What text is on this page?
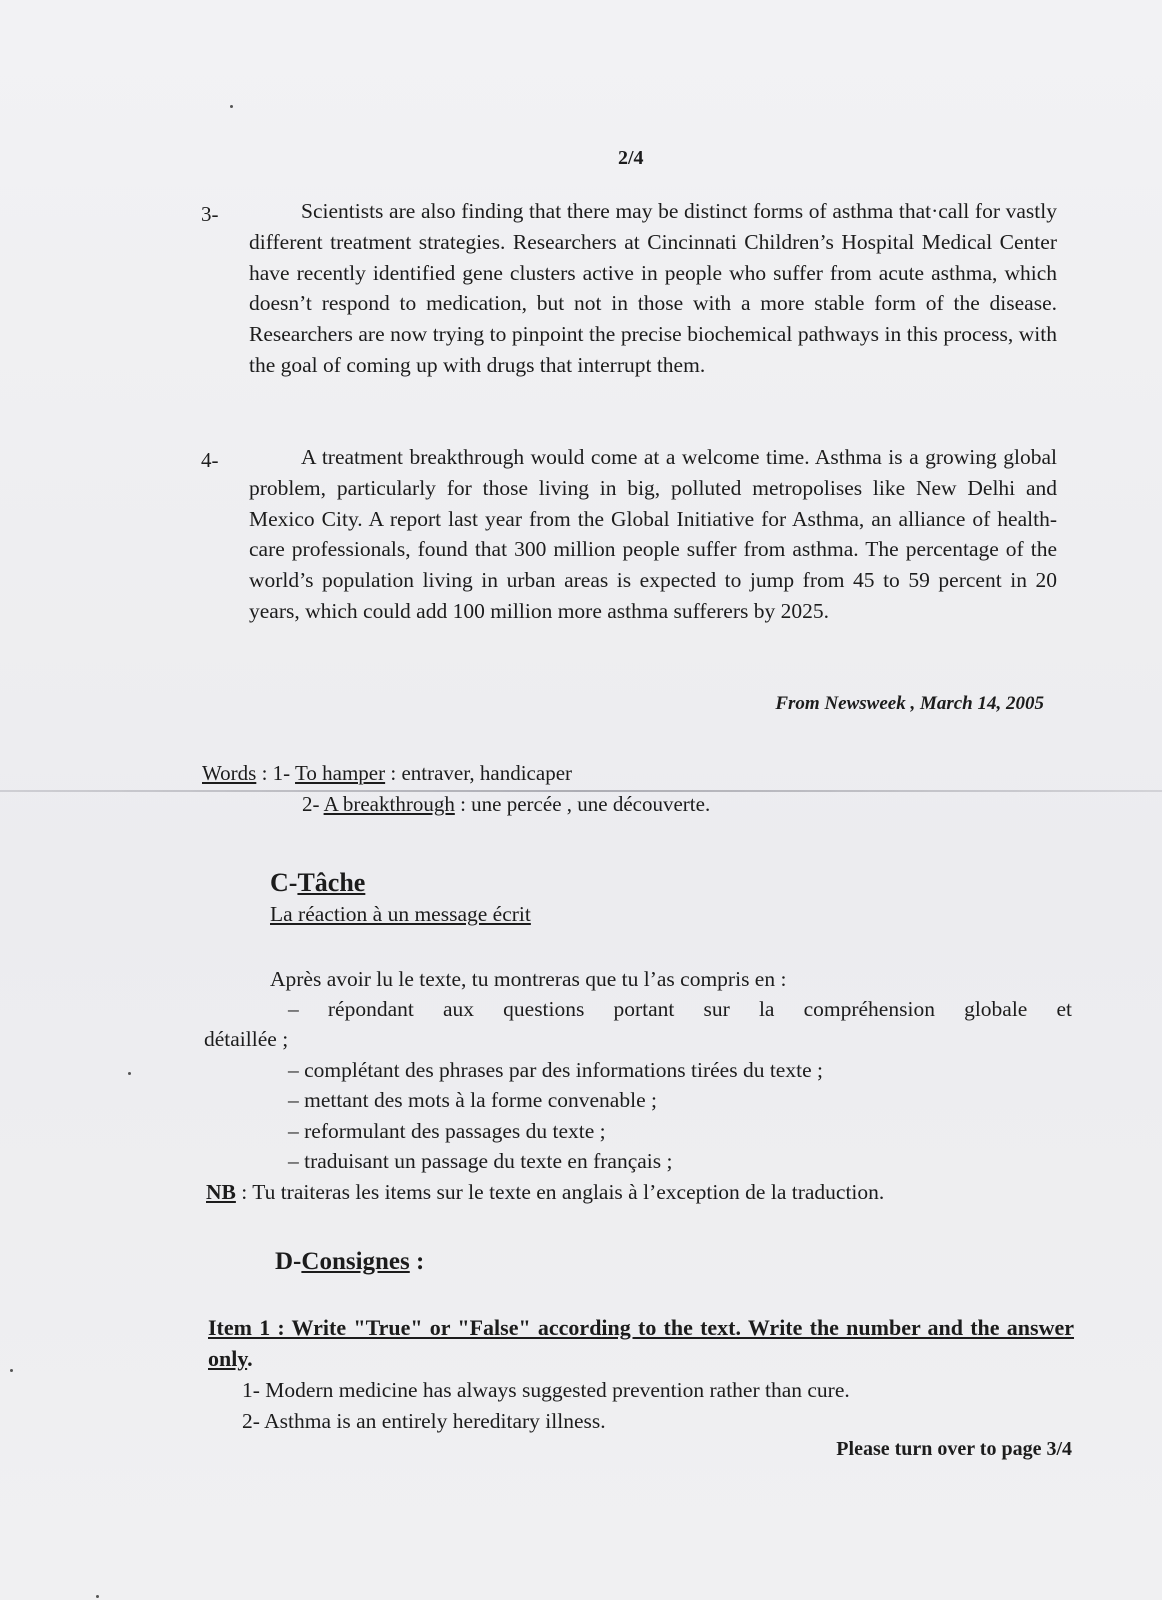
2/4
3-	Scientists are also finding that there may be distinct forms of asthma that·call for vastly different treatment strategies. Researchers at Cincinnati Children’s Hospital Medical Center have recently identified gene clusters active in people who suffer from acute asthma, which doesn’t respond to medication, but not in those with a more stable form of the disease. Researchers are now trying to pinpoint the precise biochemical pathways in this process, with the goal of coming up with drugs that interrupt them.

4-	A treatment breakthrough would come at a welcome time. Asthma is a growing global problem, particularly for those living in big, polluted metropolises like New Delhi and Mexico City. A report last year from the Global Initiative for Asthma, an alliance of health-care professionals, found that 300 million people suffer from asthma. The percentage of the world’s population living in urban areas is expected to jump from 45 to 59 percent in 20 years, which could add 100 million more asthma sufferers by 2025.

From Newsweek , March 14, 2005
Words : 1- To hamper : entraver, handicaper
2- A breakthrough : une percée , une découverte.
C-Tâche
La réaction à un message écrit
Après avoir lu le texte, tu montreras que tu l’as compris en :
– répondant aux questions portant sur la compréhension globale et
détaillée ;
– complétant des phrases par des informations tirées du texte ;
– mettant des mots à la forme convenable ;
– reformulant des passages du texte ;
– traduisant un passage du texte en français ;
NB : Tu traiteras les items sur le texte en anglais à l’exception de la traduction.
D-Consignes :
Item 1 : Write "True" or "False" according to the text. Write the number and the answer only.
1- Modern medicine has always suggested prevention rather than cure.
2- Asthma is an entirely hereditary illness.
Please turn over to page 3/4
